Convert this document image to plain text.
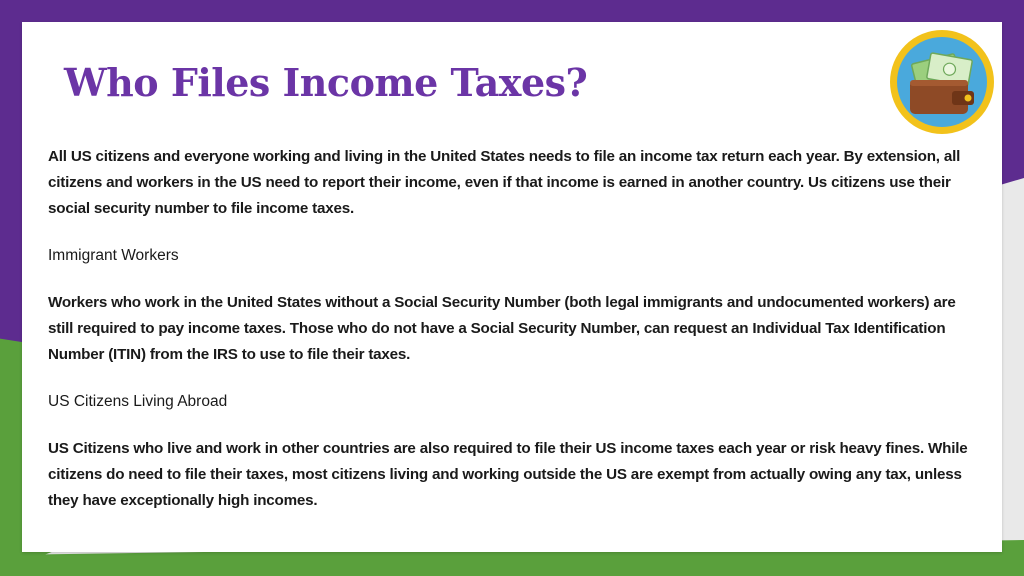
Who Files Income Taxes?

All US citizens and everyone working and living in the United States needs to file an income tax return each year. By extension, all citizens and workers in the US need to report their income, even if that income is earned in another country. Us citizens use their social security number to file income taxes.

Immigrant Workers

Workers who work in the United States without a Social Security Number (both legal immigrants and undocumented workers) are still required to pay income taxes. Those who do not have a Social Security Number, can request an Individual Tax Identification Number (ITIN) from the IRS to use to file their taxes.

US Citizens Living Abroad

US Citizens who live and work in other countries are also required to file their US income taxes each year or risk heavy fines. While citizens do need to file their taxes, most citizens living and working outside the US are exempt from actually owing any tax, unless they have exceptionally high incomes.
